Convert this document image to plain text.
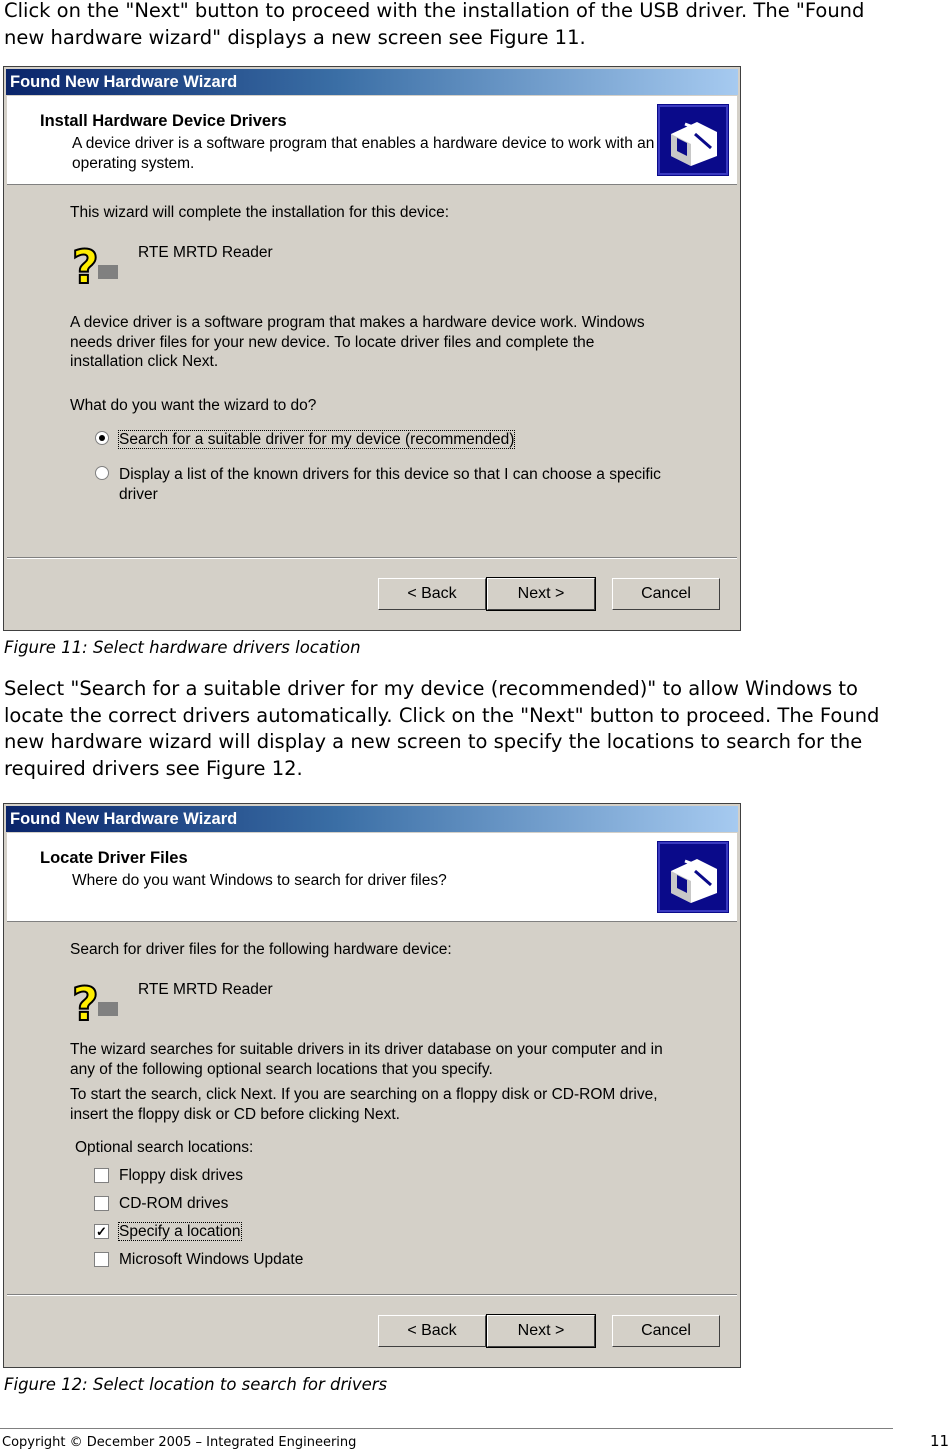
Click on the "Next" button to proceed with the installation of the USB driver. The "Found new hardware wizard" displays a new screen see Figure 11.

Found New Hardware Wizard
Install Hardware Device Drivers
A device driver is a software program that enables a hardware device to work with an operating system.
This wizard will complete the installation for this device:
?	RTE MRTD Reader
A device driver is a software program that makes a hardware device work. Windows needs driver files for your new device. To locate driver files and complete the installation click Next.
What do you want the wizard to do?
Search for a suitable driver for my device (recommended)
Display a list of the known drivers for this device so that I can choose a specific driver
< Back	Next >	Cancel

Figure 11: Select hardware drivers location

Select "Search for a suitable driver for my device (recommended)" to allow Windows to locate the correct drivers automatically. Click on the "Next" button to proceed. The Found new hardware wizard will display a new screen to specify the locations to search for the required drivers see Figure 12.

Found New Hardware Wizard
Locate Driver Files
Where do you want Windows to search for driver files?
Search for driver files for the following hardware device:
?	RTE MRTD Reader
The wizard searches for suitable drivers in its driver database on your computer and in any of the following optional search locations that you specify.
To start the search, click Next. If you are searching on a floppy disk or CD-ROM drive, insert the floppy disk or CD before clicking Next.
Optional search locations:
Floppy disk drives
CD-ROM drives
✓ Specify a location
Microsoft Windows Update
< Back	Next >	Cancel

Figure 12: Select location to search for drivers

Copyright © December 2005 – Integrated Engineering	11
